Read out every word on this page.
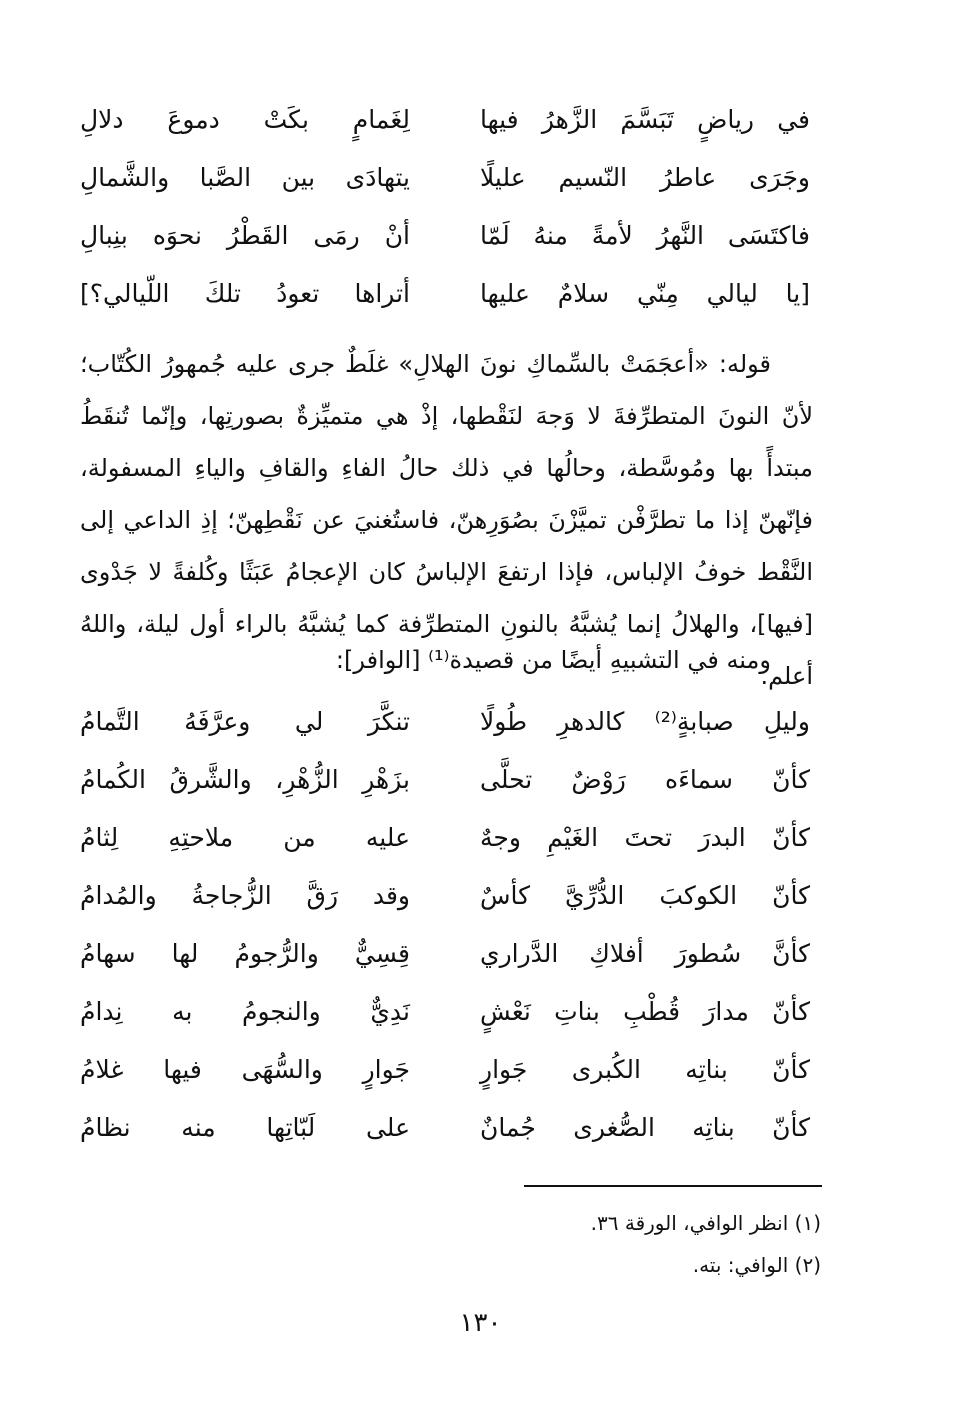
في رياضٍ تَبَسَّمَ الزَّهرُ فيها
لِغَمامٍ بكَتْ دموعَ دلالِ
وجَرَى عاطرُ النّسيم عليلًا
يتهادَى بين الصَّبا والشَّمالِ
فاكتَسَى النَّهرُ لأمةً منهُ لَمّا
أنْ رمَى القَطْرُ نحوَه بنِبالِ
[يا ليالي مِنّي سلامٌ عليها
أتراها تعودُ تلكَ اللّيالي؟]

قوله: «أعجَمَتْ بالسِّماكِ نونَ الهلالِ» غلَطٌ جرى عليه جُمهورُ الكُتّاب؛ لأنّ النونَ المتطرِّفةَ لا وَجهَ لنَقْطها، إذْ هي متميِّزةٌ بصورتِها، وإنّما تُنقَطُ مبتدأً بها ومُوسَّطة، وحالُها في ذلك حالُ الفاءِ والقافِ والياءِ المسفولة، فإنّهنّ إذا ما تطرَّفْن تميَّزْنَ بصُوَرِهنّ، فاستُغنيَ عن نَقْطِهنّ؛ إذِ الداعي إلى النَّقْط خوفُ الإلباس، فإذا ارتفعَ الإلباسُ كان الإعجامُ عَبَثًا وكُلفةً لا جَدْوى [فيها]، والهلالُ إنما يُشبَّهُ بالنونِ المتطرِّفة كما يُشبَّهُ بالراء أول ليلة، واللهُ أعلم.

ومنه في التشبيهِ أيضًا من قصيدة⁽¹⁾ [الوافر]:
وليلِ صبابةٍ⁽²⁾ كالدهرِ طُولًا
تنكَّرَ لي وعرَّفَهُ التَّمامُ
كأنّ سماءَه رَوْضٌ تحلَّى
بزَهْرِ الزُّهْرِ، والشَّرقُ الكُمامُ
كأنّ البدرَ تحتَ الغَيْمِ وجهٌ
عليه من ملاحتِهِ لِثامُ
كأنّ الكوكبَ الدُّرِّيَّ كأسٌ
وقد رَقَّ الزُّجاجةُ والمُدامُ
كأنَّ سُطورَ أفلاكِ الدَّراري
قِسِيٌّ والرُّجومُ لها سهامُ
كأنّ مدارَ قُطْبِ بناتِ نَعْشٍ
نَدِيٌّ والنجومُ به نِدامُ
كأنّ بناتِه الكُبرى جَوارٍ
جَوارٍ والسُّهَى فيها غلامُ
كأنّ بناتِه الصُّغرى جُمانٌ
على لَبّاتِها منه نظامُ
(١) انظر الوافي، الورقة ٣٦.
(٢) الوافي: بته.
١٣٠
